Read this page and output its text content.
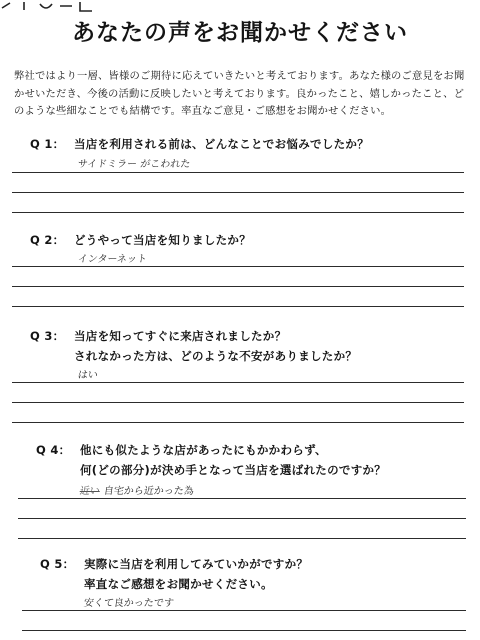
あなたの声をお聞かせください

弊社ではより一層、皆様のご期待に応えていきたいと考えております。あなた様のご意見をお聞かせいただき、今後の活動に反映したいと考えております。良かったこと、嬉しかったこと、どのような些細なことでも結構です。率直なご意見・ご感想をお聞かせください。

Q 1： 当店を利用される前は、どんなことでお悩みでしたか？
サイドミラー がこわれた
Q 2： どうやって当店を知りましたか？
インターネット
Q 3： 当店を知ってすぐに来店されましたか？
されなかった方は、どのような不安がありましたか？
はい
Q 4： 他にも似たような店があったにもかかわらず、
何(どの部分)が決め手となって当店を選ばれたのですか？
近い 自宅から近かった為
Q 5： 実際に当店を利用してみていかがですか？
率直なご感想をお聞かせください。
安くて良かったです
